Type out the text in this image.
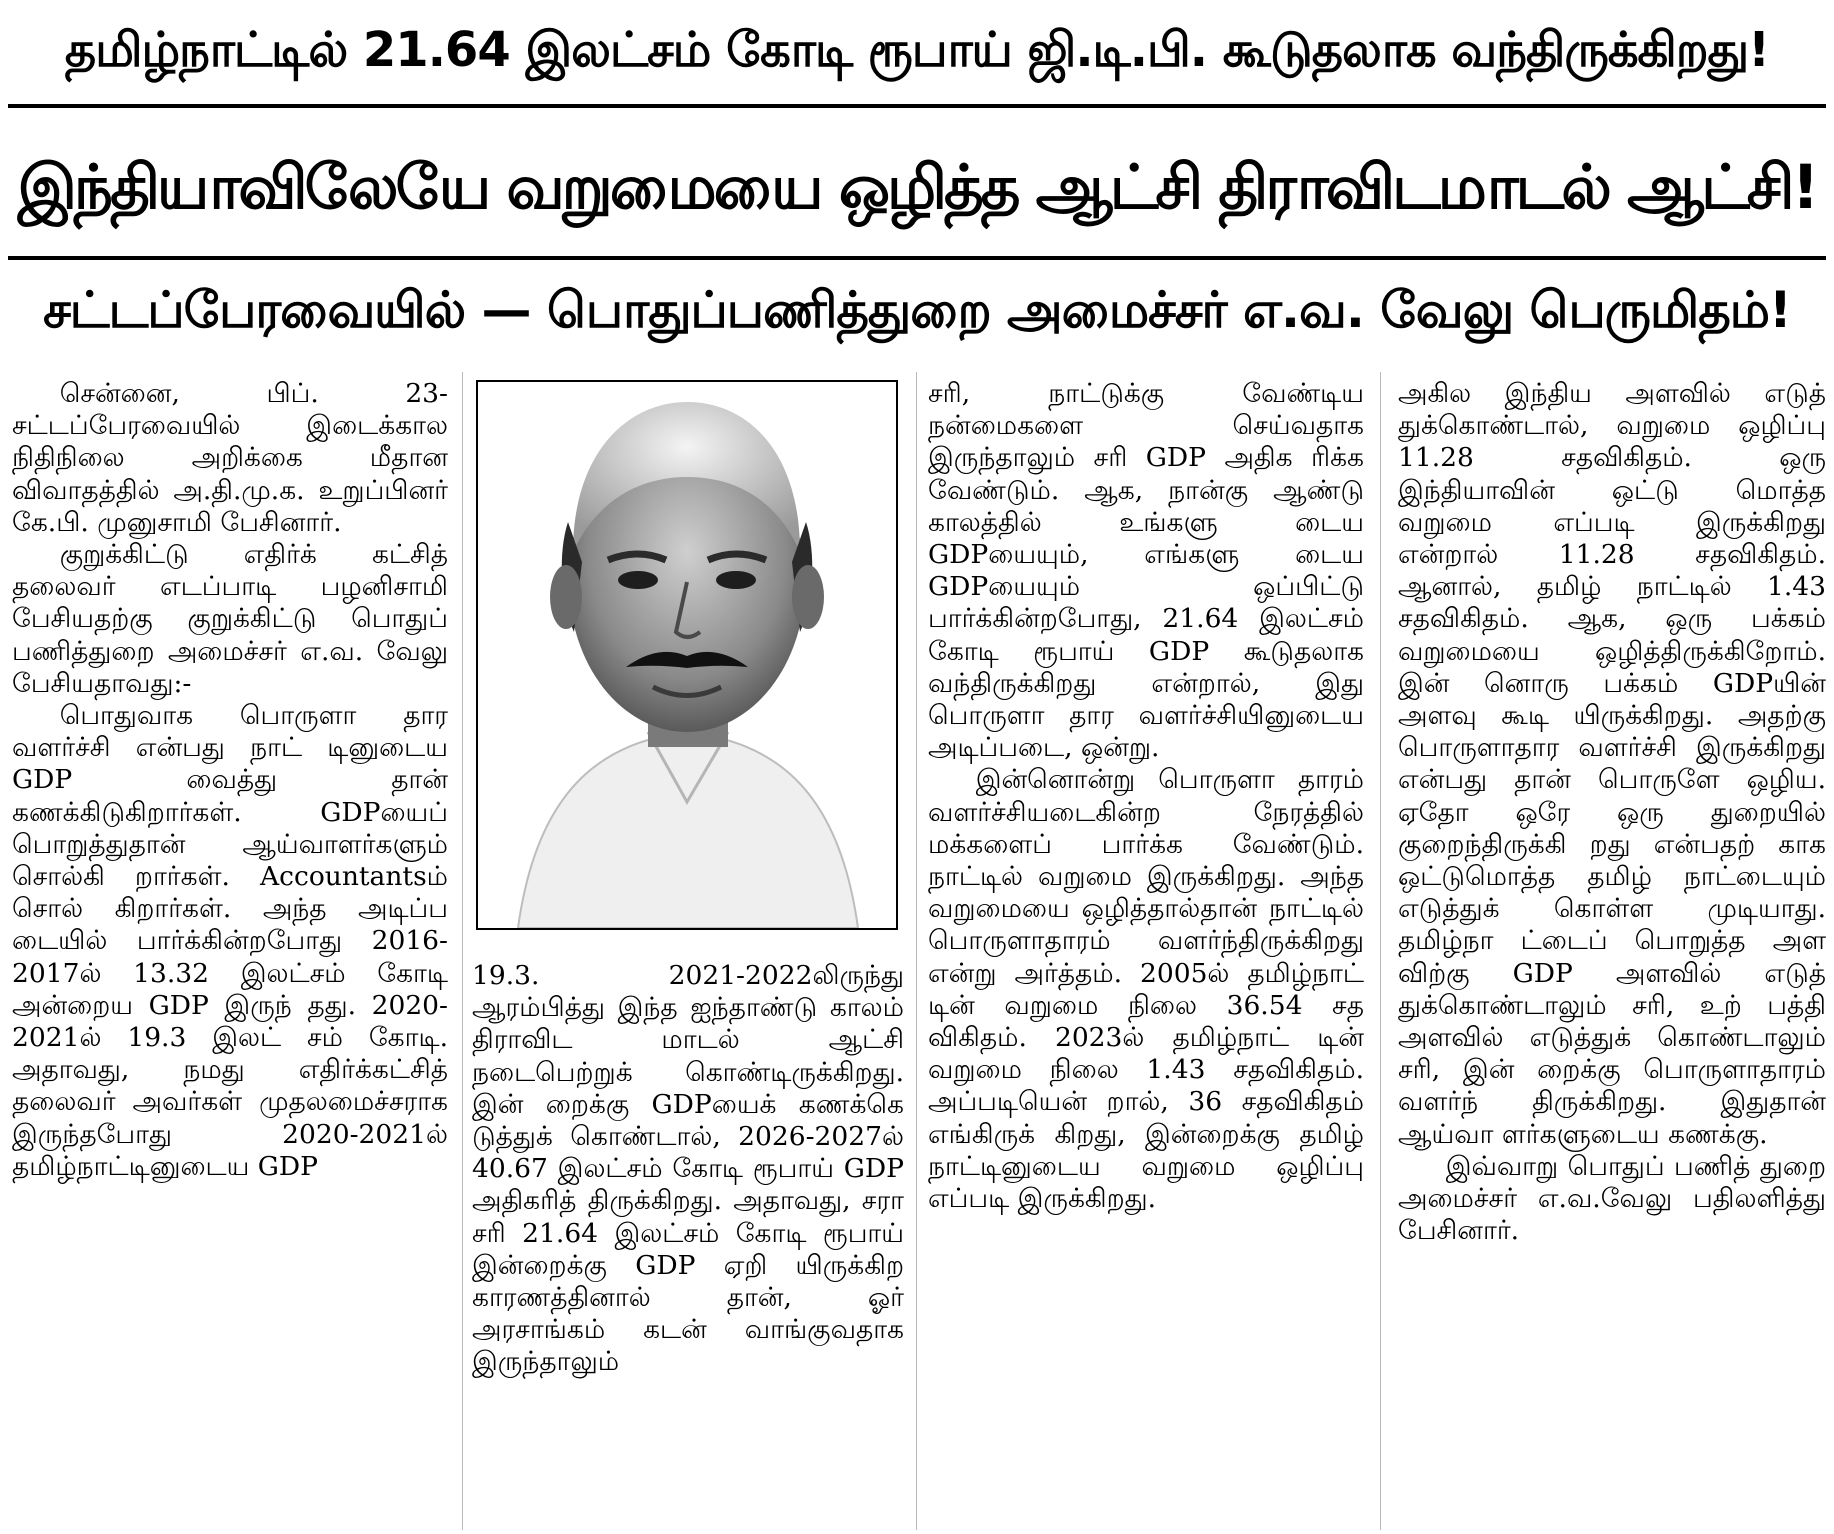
தமிழ்நாட்டில் 21.64 இலட்சம் கோடி ரூபாய் ஜி.டி.பி. கூடுதலாக வந்திருக்கிறது!
இந்தியாவிலேயே வறுமையை ஒழித்த ஆட்சி திராவிடமாடல் ஆட்சி!
சட்டப்பேரவையில் — பொதுப்பணித்துறை அமைச்சர் எ.வ. வேலு பெருமிதம்!

சென்னை, பிப். 23- சட்டப்பேரவையில் இடைக்கால நிதிநிலை அறிக்கை மீதான விவாதத்தில் அ.தி.மு.க. உறுப்பினர் கே.பி. முனுசாமி பேசினார்.

குறுக்கிட்டு எதிர்க் கட்சித் தலைவர் எடப்பாடி பழனிசாமி பேசியதற்கு குறுக்கிட்டு பொதுப் பணித்துறை அமைச்சர் எ.வ. வேலு பேசியதாவது:-

பொதுவாக பொருளா தார வளர்ச்சி என்பது நாட் டினுடைய GDP வைத்து தான் கணக்கிடுகிறார்கள். GDPயைப் பொறுத்துதான் ஆய்வாளர்களும் சொல்கி றார்கள். Accountantsம் சொல் கிறார்கள். அந்த அடிப்ப டையில் பார்க்கின்றபோது 2016-2017ல் 13.32 இலட்சம் கோடி அன்றைய GDP இருந் தது. 2020-2021ல் 19.3 இலட் சம் கோடி. அதாவது, நமது எதிர்க்கட்சித் தலைவர் அவர்கள் முதலமைச்சராக இருந்தபோது 2020-2021ல் தமிழ்நாட்டினுடைய GDP

19.3. 2021-2022லிருந்து ஆரம்பித்து இந்த ஐந்தாண்டு காலம் திராவிட மாடல் ஆட்சி நடைபெற்றுக் கொண்டிருக்கிறது. இன் றைக்கு GDPயைக் கணக்கெ டுத்துக் கொண்டால், 2026-2027ல் 40.67 இலட்சம் கோடி ரூபாய் GDP அதிகரித் திருக்கிறது. அதாவது, சரா சரி 21.64 இலட்சம் கோடி ரூபாய் இன்றைக்கு GDP ஏறி யிருக்கிற காரணத்தினால் தான், ஓர் அரசாங்கம் கடன் வாங்குவதாக இருந்தாலும்

சரி, நாட்டுக்கு வேண்டிய நன்மைகளை செய்வதாக இருந்தாலும் சரி GDP அதிக ரிக்க வேண்டும். ஆக, நான்கு ஆண்டு காலத்தில் உங்களு டைய GDPயையும், எங்களு டைய GDPயையும் ஒப்பிட்டு பார்க்கின்றபோது, 21.64 இலட்சம் கோடி ரூபாய் GDP கூடுதலாக வந்திருக்கிறது என்றால், இது பொருளா தார வளர்ச்சியினுடைய அடிப்படை, ஒன்று.

இன்னொன்று பொருளா தாரம் வளர்ச்சியடைகின்ற நேரத்தில் மக்களைப் பார்க்க வேண்டும். நாட்டில் வறுமை இருக்கிறது. அந்த வறுமையை ஒழித்தால்தான் நாட்டில் பொருளாதாரம் வளர்ந்திருக்கிறது என்று அர்த்தம். 2005ல் தமிழ்நாட் டின் வறுமை நிலை 36.54 சத விகிதம். 2023ல் தமிழ்நாட் டின் வறுமை நிலை 1.43 சதவிகிதம். அப்படியென் றால், 36 சதவிகிதம் எங்கிருக் கிறது, இன்றைக்கு தமிழ் நாட்டினுடைய வறுமை ஒழிப்பு எப்படி இருக்கிறது.

அகில இந்திய அளவில் எடுத் துக்கொண்டால், வறுமை ஒழிப்பு 11.28 சதவிகிதம். ஒரு இந்தியாவின் ஒட்டு மொத்த வறுமை எப்படி இருக்கிறது என்றால் 11.28 சதவிகிதம். ஆனால், தமிழ் நாட்டில் 1.43 சதவிகிதம். ஆக, ஒரு பக்கம் வறுமையை ஒழித்திருக்கிறோம். இன் னொரு பக்கம் GDPயின் அளவு கூடி யிருக்கிறது. அதற்கு பொருளாதார வளர்ச்சி இருக்கிறது என்பது தான் பொருளே ஒழிய. ஏதோ ஒரே ஒரு துறையில் குறைந்திருக்கி றது என்பதற் காக ஒட்டுமொத்த தமிழ் நாட்டையும் எடுத்துக் கொள்ள முடியாது. தமிழ்நா ட்டைப் பொறுத்த அள விற்கு GDP அளவில் எடுத் துக்கொண்டாலும் சரி, உற் பத்தி அளவில் எடுத்துக் கொண்டாலும் சரி, இன் றைக்கு பொருளாதாரம் வளர்ந் திருக்கிறது. இதுதான் ஆய்வா ளர்களுடைய கணக்கு.

இவ்வாறு பொதுப் பணித் துறை அமைச்சர் எ.வ.வேலு பதிலளித்து பேசினார்.
